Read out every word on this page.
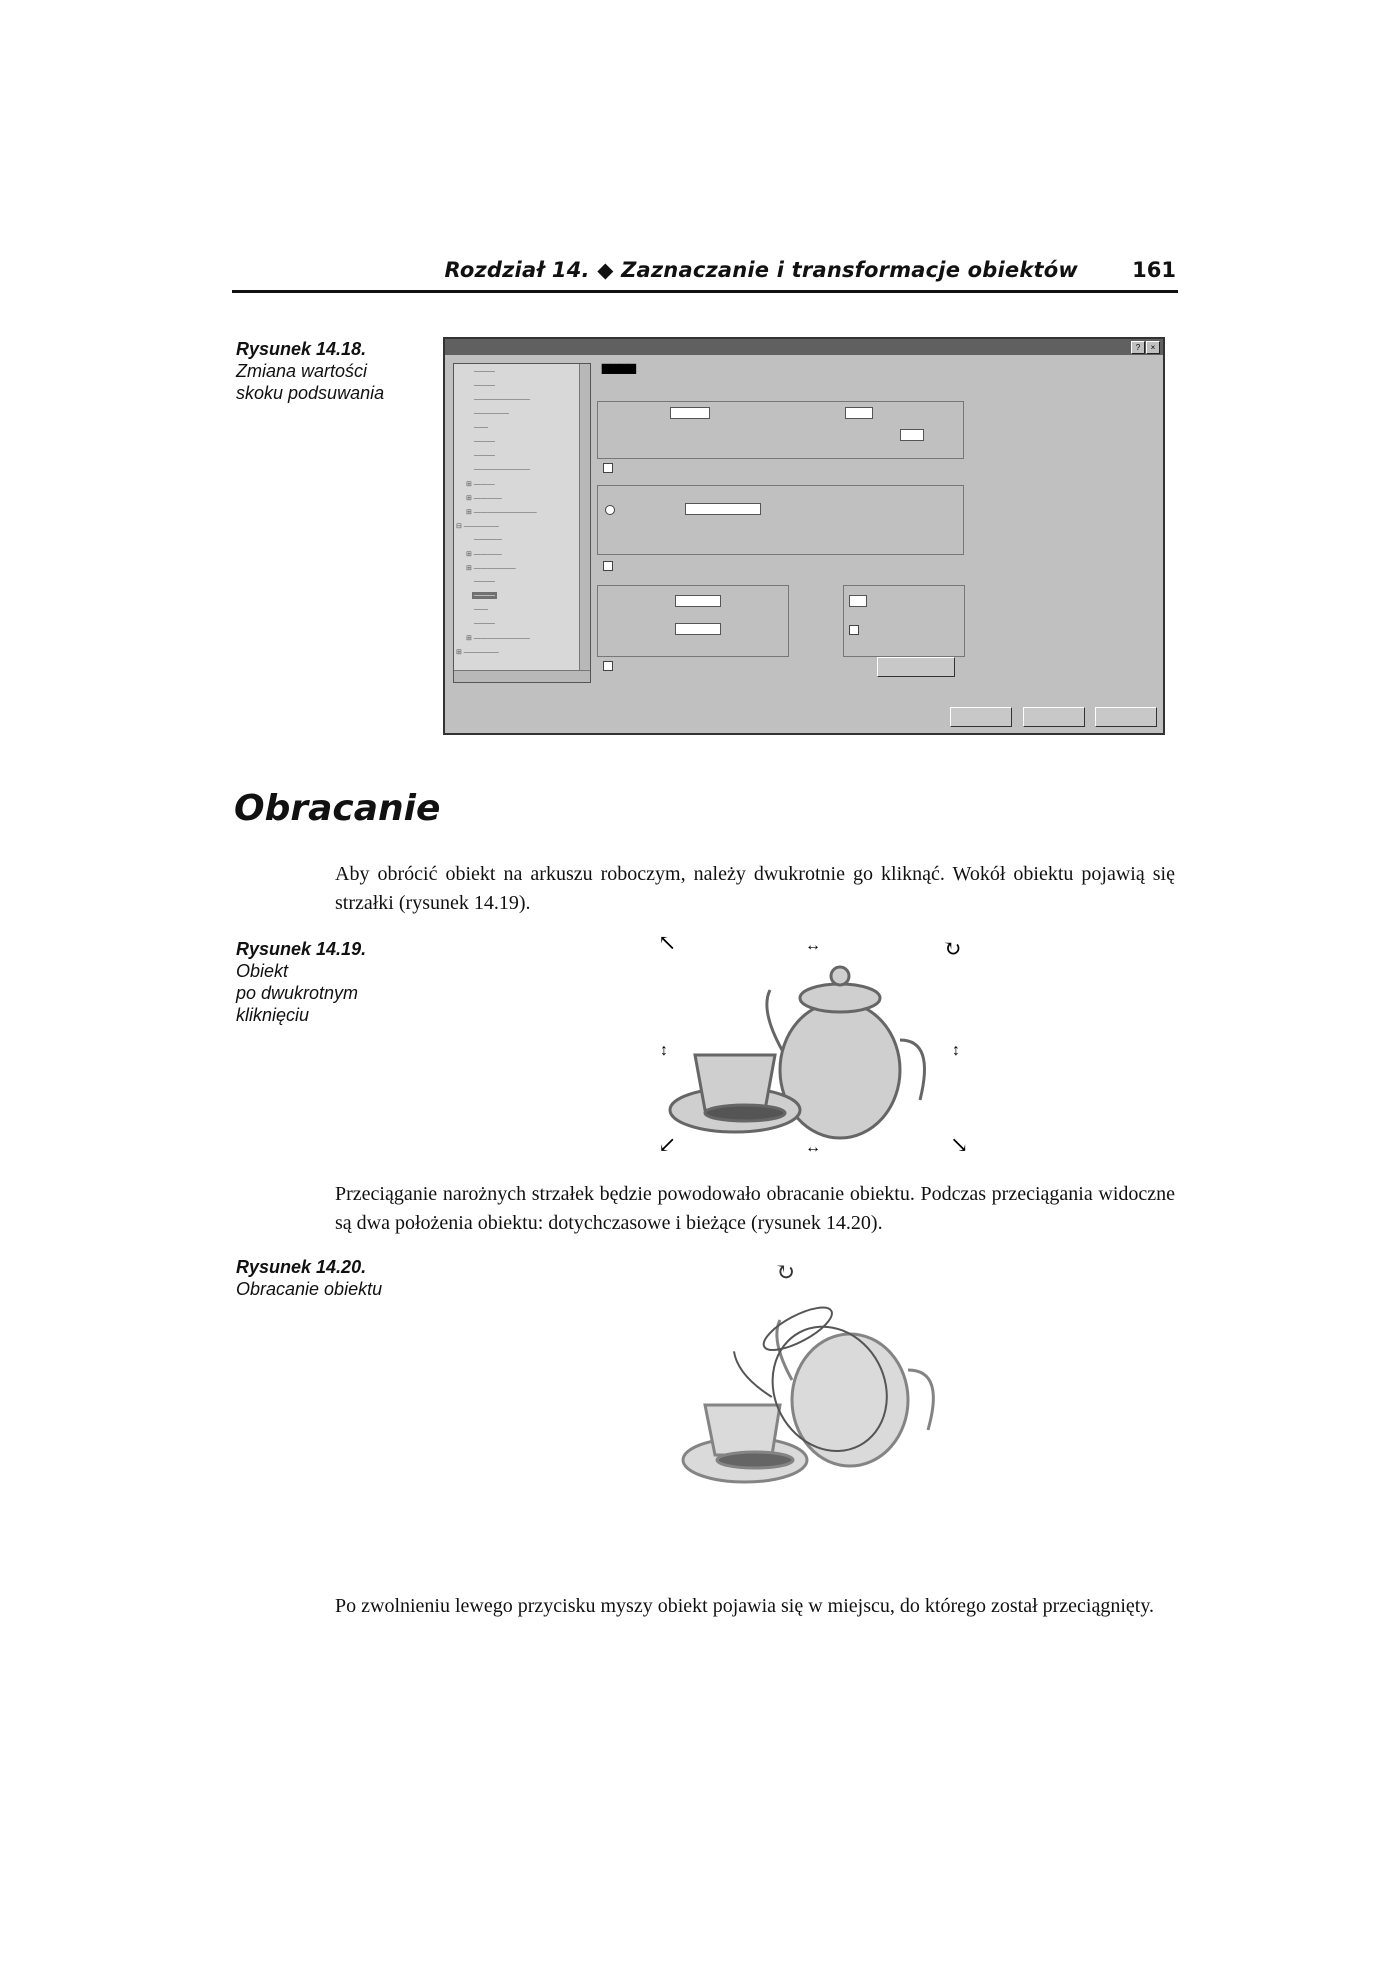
Rozdział 14. ◆ Zaznaczanie i transformacje obiektów	161
Rysunek 14.18.
Zmiana wartości
skoku podsuwania
?	×
———
———
————————
—————
——
———
———
————————
⊞ ———
⊞ ————
⊞ —————————
⊟ —————
————
⊞ ————
⊞ ——————
———
———
——
———
⊞ ————————
⊞ —————
▆▆▆▆
Obracanie
Aby obrócić obiekt na arkuszu roboczym, należy dwukrotnie go kliknąć. Wokół obiektu pojawią się strzałki (rysunek 14.19).
Rysunek 14.19.
Obiekt
po dwukrotnym
kliknięciu
↖	↔	↻
↕	↕
↙	↔	↘
Przeciąganie narożnych strzałek będzie powodowało obracanie obiektu. Podczas przeciągania widoczne są dwa położenia obiektu: dotychczasowe i bieżące (rysunek 14.20).
Rysunek 14.20.
Obracanie obiektu
↻
Po zwolnieniu lewego przycisku myszy obiekt pojawia się w miejscu, do którego został przeciągnięty.
